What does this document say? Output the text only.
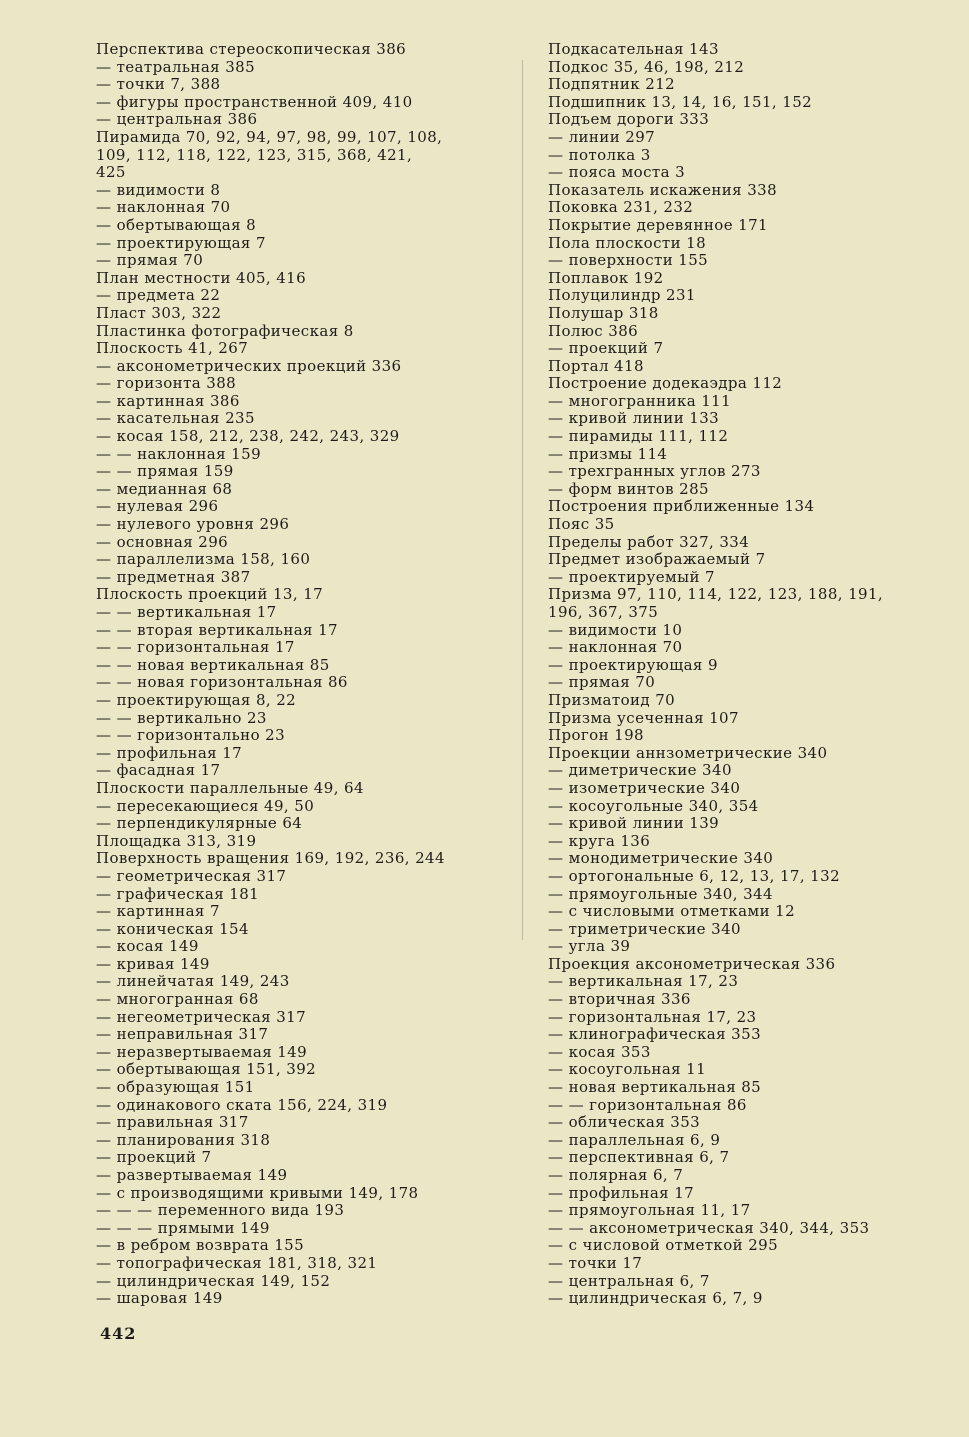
Перспектива стереоскопическая 386
— театральная 385
— точки 7, 388
— фигуры пространственной 409, 410
— центральная 386
Пирамида 70, 92, 94, 97, 98, 99, 107, 108,
109, 112, 118, 122, 123, 315, 368, 421,
425
— видимости 8
— наклонная 70
— обертывающая 8
— проектирующая 7
— прямая 70
План местности 405, 416
— предмета 22
Пласт 303, 322
Пластинка фотографическая 8
Плоскость 41, 267
— аксонометрических проекций 336
— горизонта 388
— картинная 386
— касательная 235
— косая 158, 212, 238, 242, 243, 329
— — наклонная 159
— — прямая 159
— медианная 68
— нулевая 296
— нулевого уровня 296
— основная 296
— параллелизма 158, 160
— предметная 387
Плоскость проекций 13, 17
— — вертикальная 17
— — вторая вертикальная 17
— — горизонтальная 17
— — новая вертикальная 85
— — новая горизонтальная 86
— проектирующая 8, 22
— — вертикально 23
— — горизонтально 23
— профильная 17
— фасадная 17
Плоскости параллельные 49, 64
— пересекающиеся 49, 50
— перпендикулярные 64
Площадка 313, 319
Поверхность вращения 169, 192, 236, 244
— геометрическая 317
— графическая 181
— картинная 7
— коническая 154
— косая 149
— кривая 149
— линейчатая 149, 243
— многогранная 68
— негеометрическая 317
— неправильная 317
— неразвертываемая 149
— обертывающая 151, 392
— образующая 151
— одинакового ската 156, 224, 319
— правильная 317
— планирования 318
— проекций 7
— развертываемая 149
— с производящими кривыми 149, 178
— — — переменного вида 193
— — — прямыми 149
— в ребром возврата 155
— топографическая 181, 318, 321
— цилиндрическая 149, 152
— шаровая 149
Подкасательная 143
Подкос 35, 46, 198, 212
Подпятник 212
Подшипник 13, 14, 16, 151, 152
Подъем дороги 333
— линии 297
— потолка 3
— пояса моста 3
Показатель искажения 338
Поковка 231, 232
Покрытие деревянное 171
Пола плоскости 18
— поверхности 155
Поплавок 192
Полуцилиндр 231
Полушар 318
Полюс 386
— проекций 7
Портал 418
Построение додекаэдра 112
— многогранника 111
— кривой линии 133
— пирамиды 111, 112
— призмы 114
— трехгранных углов 273
— форм винтов 285
Построения приближенные 134
Пояс 35
Пределы работ 327, 334
Предмет изображаемый 7
— проектируемый 7
Призма 97, 110, 114, 122, 123, 188, 191,
196, 367, 375
— видимости 10
— наклонная 70
— проектирующая 9
— прямая 70
Призматоид 70
Призма усеченная 107
Прогон 198
Проекции аннзометрические 340
— диметрические 340
— изометрические 340
— косоугольные 340, 354
— кривой линии 139
— круга 136
— монодиметрические 340
— ортогональные 6, 12, 13, 17, 132
— прямоугольные 340, 344
— с числовыми отметками 12
— триметрические 340
— угла 39
Проекция аксонометрическая 336
— вертикальная 17, 23
— вторичная 336
— горизонтальная 17, 23
— клинографическая 353
— косая 353
— косоугольная 11
— новая вертикальная 85
— — горизонтальная 86
— облическая 353
— параллельная 6, 9
— перспективная 6, 7
— полярная 6, 7
— профильная 17
— прямоугольная 11, 17
— — аксонометрическая 340, 344, 353
— с числовой отметкой 295
— точки 17
— центральная 6, 7
— цилиндрическая 6, 7, 9
442
